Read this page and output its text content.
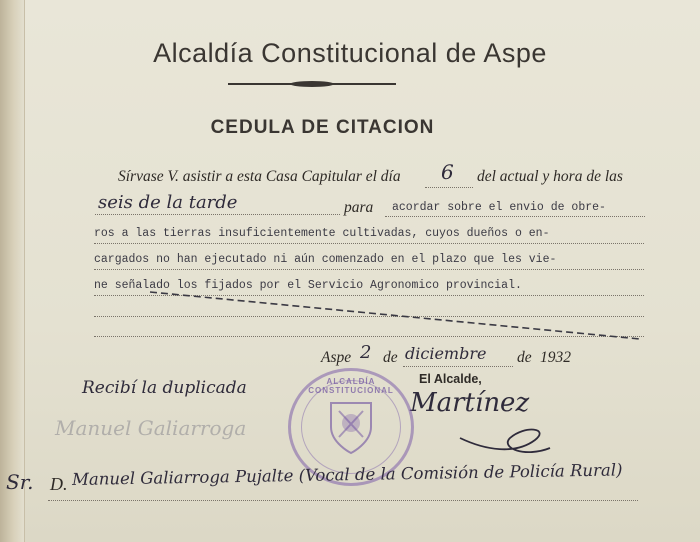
Alcaldía Constitucional de Aspe
CEDULA DE CITACION
Sírvase V. asistir a esta Casa Capitular el día 6 del actual y hora de las
seis de la tarde	para acordar sobre el envio de obre-
ros a las tierras insuficientemente cultivadas, cuyos dueños o en-
cargados no han ejecutado ni aún comenzado en el plazo que les vie-
ne señalado los fijados por el Servicio Agronomico provincial.
Aspe 2 de diciembre de 1932
El Alcalde,
Martínez
ALCALDÍA CONSTITUCIONAL
Recibí la duplicada
Manuel Galiarroga
Sr. D. Manuel Galiarroga Pujalte (Vocal de la Comisión de Policía Rural)
